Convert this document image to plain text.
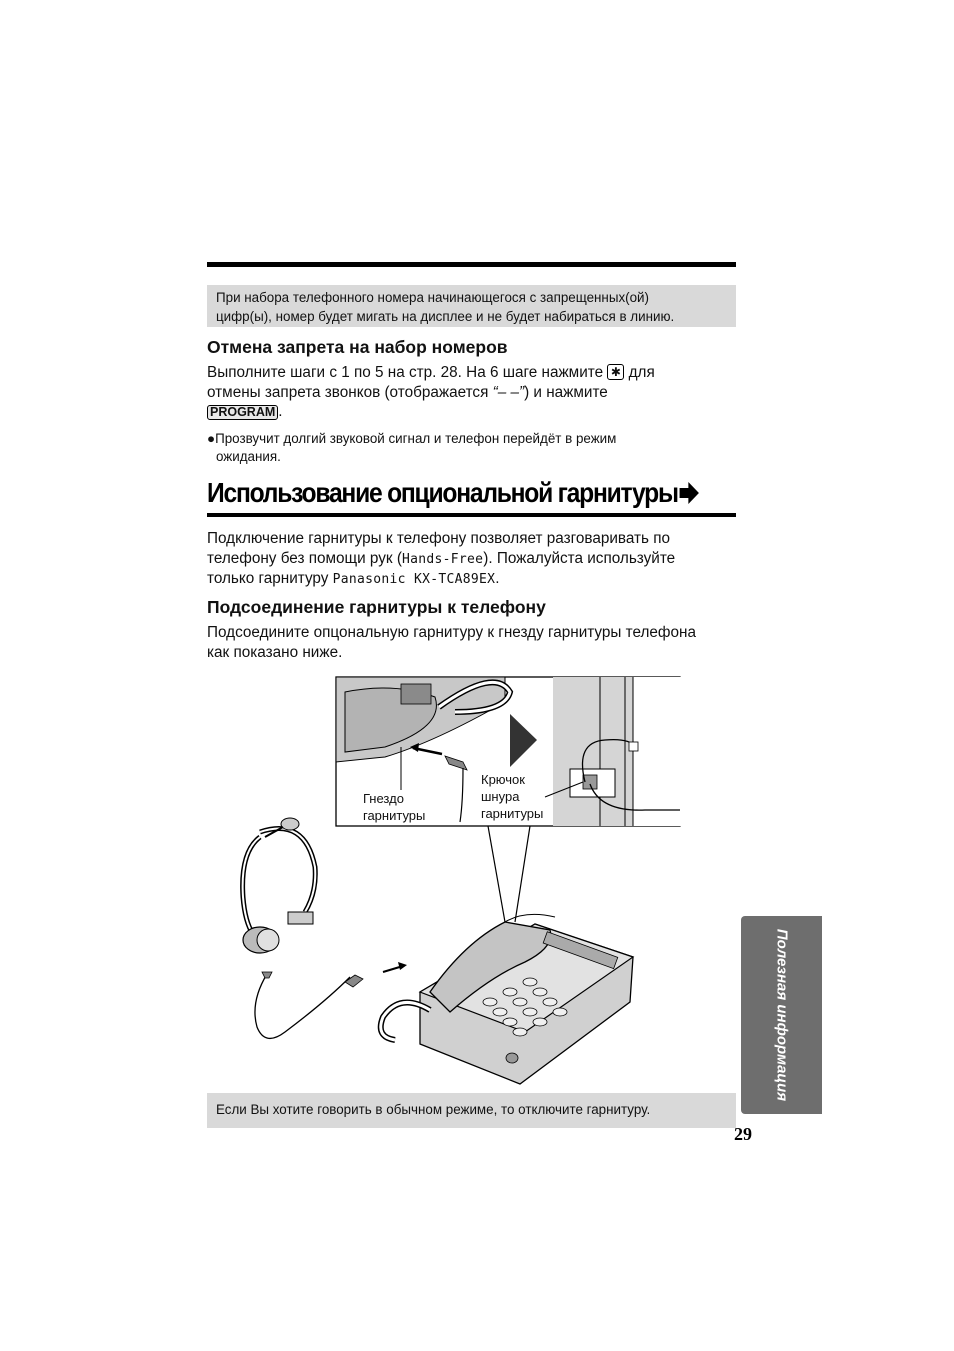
При набора телефонного номера начинающегося с запрещенных(ой)
цифр(ы), номер будет мигать на дисплее и не будет набираться в линию.
Отмена запрета на набор номеров
Выполните шаги с 1 по 5 на стр. 28. На 6 шаге нажмите ✱ для
отмены запрета звонков (отображается “– –”) и нажмите
PROGRAM .
●Прозвучит долгий звуковой сигнал и телефон перейдёт в режим
ожидания.
Использование опциональной гарнитуры
Подключение гарнитуры к телефону позволяет разговаривать по
телефону без помощи рук (Hands-Free). Пожалуйста используйте
только гарнитуру Panasonic KX-TCA89EX.
Подсоединение гарнитуры к телефону
Подсоедините опцональную гарнитуру к гнезду гарнитуры телефона
как показано ниже.
Гнездо
гарнитуры
Крючок
шнура
гарнитуры
Если Вы хотите говорить в обычном режиме, то отключите гарнитуру.
Полезная информация
29
